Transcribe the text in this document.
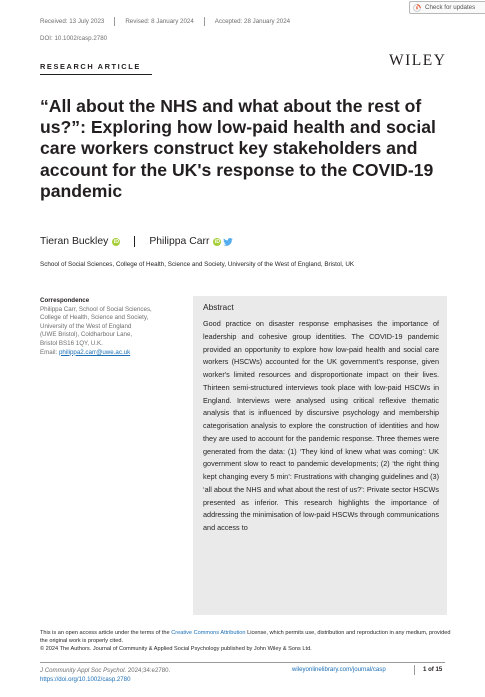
Check for updates
Received: 13 July 2023	Revised: 8 January 2024	Accepted: 28 January 2024
DOI: 10.1002/casp.2780
WILEY
RESEARCH ARTICLE
“All about the NHS and what about the rest of us?”: Exploring how low-paid health and social care workers construct key stakeholders and account for the UK's response to the COVID-19 pandemic
Tieran Buckley iD	Philippa Carr iD
School of Social Sciences, College of Health, Science and Society, University of the West of England, Bristol, UK
Correspondence
Philippa Carr, School of Social Sciences,
College of Health, Science and Society,
University of the West of England
(UWE Bristol), Coldharbour Lane,
Bristol BS16 1QY, U.K.
Email: philippa2.carr@uwe.ac.uk
Abstract
Good practice on disaster response emphasises the importance of leadership and cohesive group identities. The COVID-19 pandemic provided an opportunity to explore how low-paid health and social care workers (HSCWs) accounted for the UK government's response, given worker's limited resources and disproportionate impact on their lives. Thirteen semi-structured interviews took place with low-paid HSCWs in England. Interviews were analysed using critical reflexive thematic analysis that is influenced by discursive psychology and membership categorisation analysis to explore the construction of identities and how they are used to account for the pandemic response. Three themes were generated from the data: (1) ‘They kind of knew what was coming’: UK government slow to react to pandemic developments; (2) ‘the right thing kept changing every 5 min’: Frustrations with changing guidelines and (3) ‘all about the NHS and what about the rest of us?’: Private sector HSCWs presented as inferior. This research highlights the importance of addressing the minimisation of low-paid HSCWs through communications and access to
This is an open access article under the terms of the Creative Commons Attribution License, which permits use, distribution and reproduction in any medium, provided the original work is properly cited.
© 2024 The Authors. Journal of Community & Applied Social Psychology published by John Wiley & Sons Ltd.
J Community Appl Soc Psychol. 2024;34:e2780.
https://doi.org/10.1002/casp.2780
wileyonlinelibrary.com/journal/casp	1 of 15
